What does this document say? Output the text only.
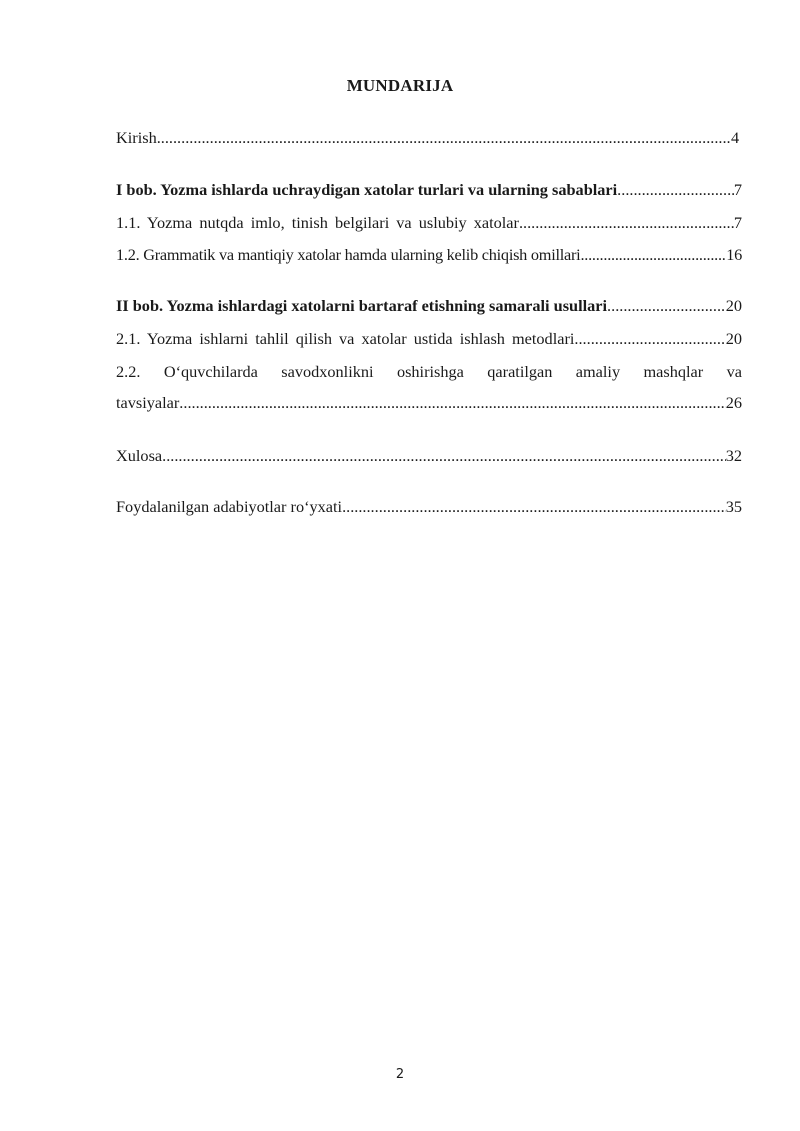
MUNDARIJA
Kirish .....	4
I bob. Yozma ishlarda uchraydigan xatolar turlari va ularning sabablari .....	7
1.1. Yozma nutqda imlo, tinish belgilari va uslubiy xatolar .....	7
1.2. Grammatik va mantiqiy xatolar hamda ularning kelib chiqish omillari .....	16
II bob. Yozma ishlardagi xatolarni bartaraf etishning samarali usullari .....	20
2.1. Yozma ishlarni tahlil qilish va xatolar ustida ishlash metodlari .....	20
2.2. O‘quvchilarda savodxonlikni oshirishga qaratilgan amaliy mashqlar va
tavsiyalar .....	26
Xulosa .....	32
Foydalanilgan adabiyotlar ro‘yxati .....	35
2
